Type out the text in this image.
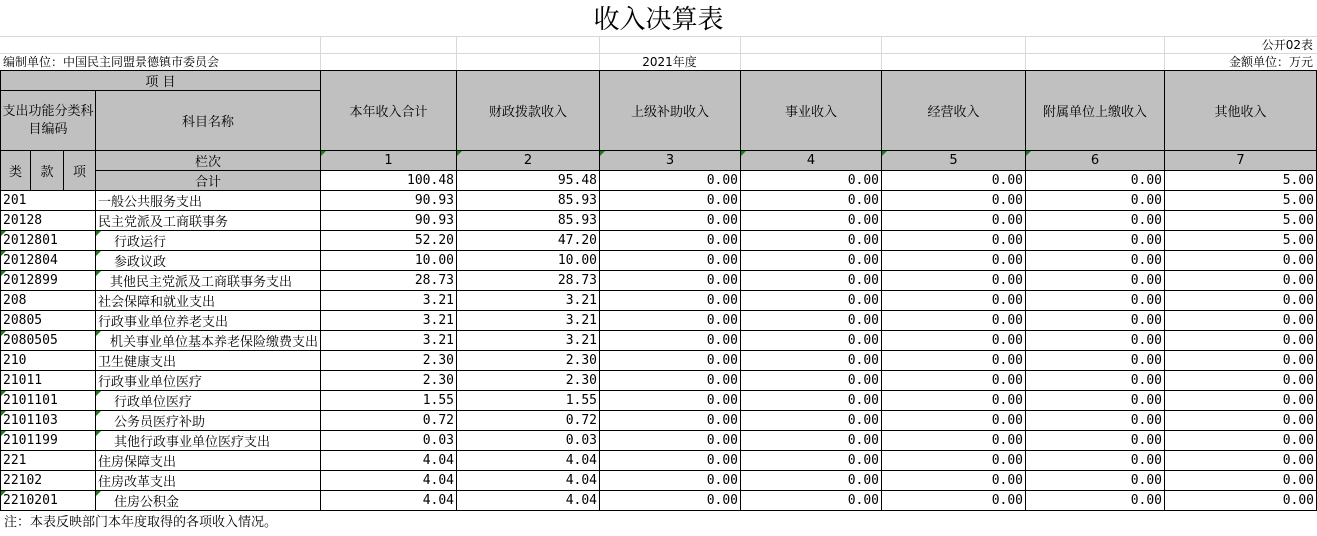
收入决算表
公开02表
编制单位：中国民主同盟景德镇市委员会	2021年度	金额单位：万元
项 目				本年收入合计	财政拨款收入	上级补助收入	事业收入	经营收入	附属单位上缴收入	其他收入
支出功能分类科目编码			科目名称							

类	款	项	栏次	1	2	3	4	5	6	7
			合计	100.48	95.48	0.00	0.00	0.00	0.00	5.00
201			一般公共服务支出	90.93	85.93	0.00	0.00	0.00	0.00	5.00
20128			民主党派及工商联事务	90.93	85.93	0.00	0.00	0.00	0.00	5.00
2012801			行政运行	52.20	47.20	0.00	0.00	0.00	0.00	5.00
2012804			参政议政	10.00	10.00	0.00	0.00	0.00	0.00	0.00
2012899			其他民主党派及工商联事务支出	28.73	28.73	0.00	0.00	0.00	0.00	0.00
208			社会保障和就业支出	3.21	3.21	0.00	0.00	0.00	0.00	0.00
20805			行政事业单位养老支出	3.21	3.21	0.00	0.00	0.00	0.00	0.00
2080505			机关事业单位基本养老保险缴费支出	3.21	3.21	0.00	0.00	0.00	0.00	0.00
210			卫生健康支出	2.30	2.30	0.00	0.00	0.00	0.00	0.00
21011			行政事业单位医疗	2.30	2.30	0.00	0.00	0.00	0.00	0.00
2101101			行政单位医疗	1.55	1.55	0.00	0.00	0.00	0.00	0.00
2101103			公务员医疗补助	0.72	0.72	0.00	0.00	0.00	0.00	0.00
2101199			其他行政事业单位医疗支出	0.03	0.03	0.00	0.00	0.00	0.00	0.00
221			住房保障支出	4.04	4.04	0.00	0.00	0.00	0.00	0.00
22102			住房改革支出	4.04	4.04	0.00	0.00	0.00	0.00	0.00
2210201			住房公积金	4.04	4.04	0.00	0.00	0.00	0.00	0.00
注：本表反映部门本年度取得的各项收入情况。
